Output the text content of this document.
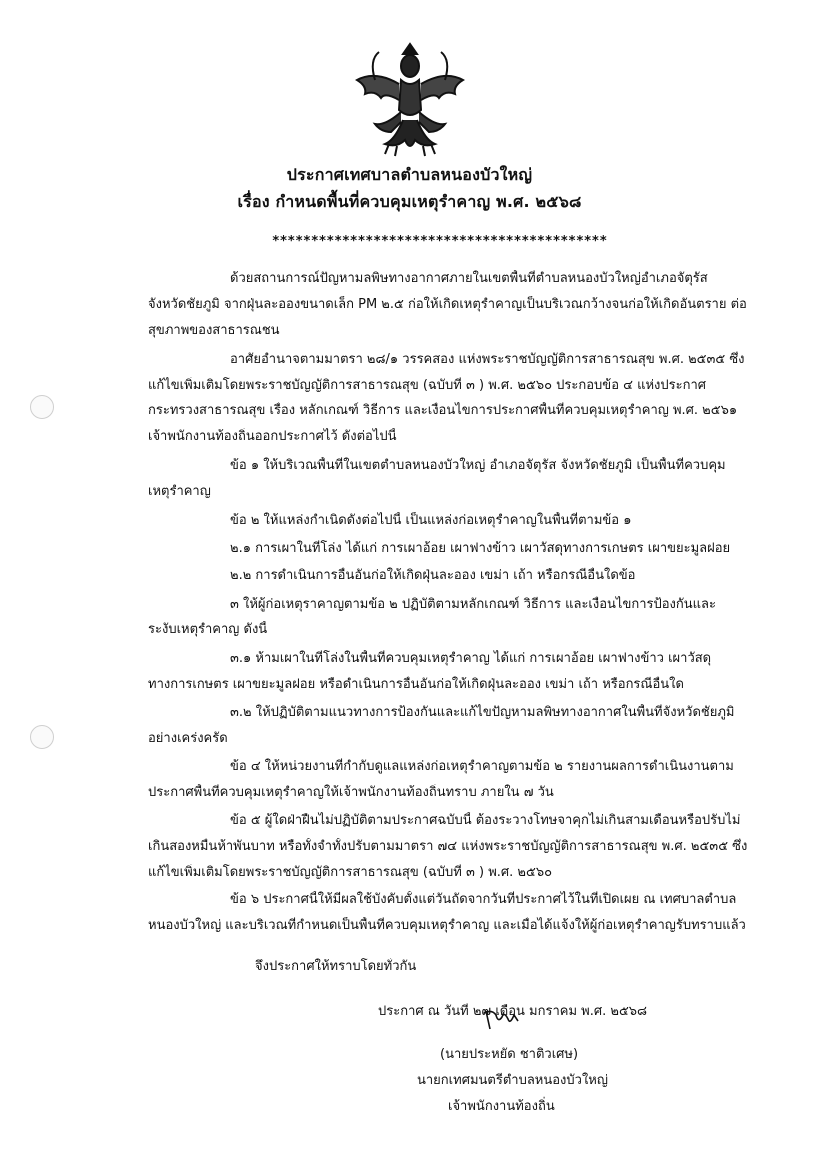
ประกาศเทศบาลตำบลหนองบัวใหญ่
เรื่อง กำหนดพื้นที่ควบคุมเหตุรำคาญ พ.ศ. ๒๕๖๘
*******************************************
ด้วยสถานการณ์ปัญหามลพิษทางอากาศภายในเขตพื้นที่ตำบลหนองบัวใหญ่อำเภอจัตุรัส
จังหวัดชัยภูมิ จากฝุ่นละอองขนาดเล็ก PM ๒.๕ ก่อให้เกิดเหตุรำคาญเป็นบริเวณกว้างจนก่อให้เกิดอันตราย ต่อ
สุขภาพของสาธารณชน
อาศัยอำนาจตามมาตรา ๒๘/๑ วรรคสอง แห่งพระราชบัญญัติการสาธารณสุข พ.ศ. ๒๕๓๕ ซึ่ง
แก้ไขเพิ่มเติมโดยพระราชบัญญัติการสาธารณสุข (ฉบับที่ ๓ ) พ.ศ. ๒๕๖๐ ประกอบข้อ ๔ แห่งประกาศ
กระทรวงสาธารณสุข เรื่อง หลักเกณฑ์ วิธีการ และเงื่อนไขการประกาศพื้นที่ควบคุมเหตุรำคาญ พ.ศ. ๒๕๖๑
เจ้าพนักงานท้องถิ่นออกประกาศไว้ ดังต่อไปนี้
ข้อ ๑ ให้บริเวณพื้นที่ในเขตตำบลหนองบัวใหญ่ อำเภอจัตุรัส จังหวัดชัยภูมิ เป็นพื้นที่ควบคุม
เหตุรำคาญ
ข้อ ๒ ให้แหล่งกำเนิดดังต่อไปนี้ เป็นแหล่งก่อเหตุรำคาญในพื้นที่ตามข้อ ๑
๒.๑ การเผาในที่โล่ง ได้แก่ การเผาอ้อย เผาฟางข้าว เผาวัสดุทางการเกษตร เผาขยะมูลฝอย
๒.๒ การดำเนินการอื่นอันก่อให้เกิดฝุ่นละออง เขม่า เถ้า หรือกรณีอื่นใดข้อ
๓ ให้ผู้ก่อเหตุราคาญตามข้อ ๒ ปฏิบัติตามหลักเกณฑ์ วิธีการ และเงื่อนไขการป้องกันและ
ระงับเหตุรำคาญ ดังนี้
๓.๑ ห้ามเผาในที่โล่งในพื้นที่ควบคุมเหตุรำคาญ ได้แก่ การเผาอ้อย เผาฟางข้าว เผาวัสดุ
ทางการเกษตร เผาขยะมูลฝอย หรือดำเนินการอื่นอันก่อให้เกิดฝุ่นละออง เขม่า เถ้า หรือกรณีอื่นใด
๓.๒ ให้ปฏิบัติตามแนวทางการป้องกันและแก้ไขปัญหามลพิษทางอากาศในพื้นที่จังหวัดชัยภูมิ
อย่างเคร่งครัด
ข้อ ๔ ให้หน่วยงานที่กำกับดูแลแหล่งก่อเหตุรำคาญตามข้อ ๒ รายงานผลการดำเนินงานตาม
ประกาศพื้นที่ควบคุมเหตุรำคาญให้เจ้าพนักงานท้องถิ่นทราบ ภายใน ๗ วัน
ข้อ ๕ ผู้ใดฝ่าฝืนไม่ปฏิบัติตามประกาศฉบับนี้ ต้องระวางโทษจาคุกไม่เกินสามเดือนหรือปรับไม่
เกินสองหมื่นห้าพันบาท หรือทั้งจำทั้งปรับตามมาตรา ๗๔ แห่งพระราชบัญญัติการสาธารณสุข พ.ศ. ๒๕๓๕ ซึ่ง
แก้ไขเพิ่มเติมโดยพระราชบัญญัติการสาธารณสุข (ฉบับที่ ๓ ) พ.ศ. ๒๕๖๐
ข้อ ๖ ประกาศนี้ให้มีผลใช้บังคับตั้งแต่วันถัดจากวันที่ประกาศไว้ในที่เปิดเผย ณ เทศบาลตำบล
หนองบัวใหญ่ และบริเวณที่กำหนดเป็นพื้นที่ควบคุมเหตุรำคาญ และเมื่อได้แจ้งให้ผู้ก่อเหตุรำคาญรับทราบแล้ว
จึงประกาศให้ทราบโดยทั่วกัน
ประกาศ ณ วันที่ ๒๗ เดือน มกราคม พ.ศ. ๒๕๖๘
(นายประหยัด ชาติวเศษ)
นายกเทศมนตรีตำบลหนองบัวใหญ่
เจ้าพนักงานท้องถิ่น
